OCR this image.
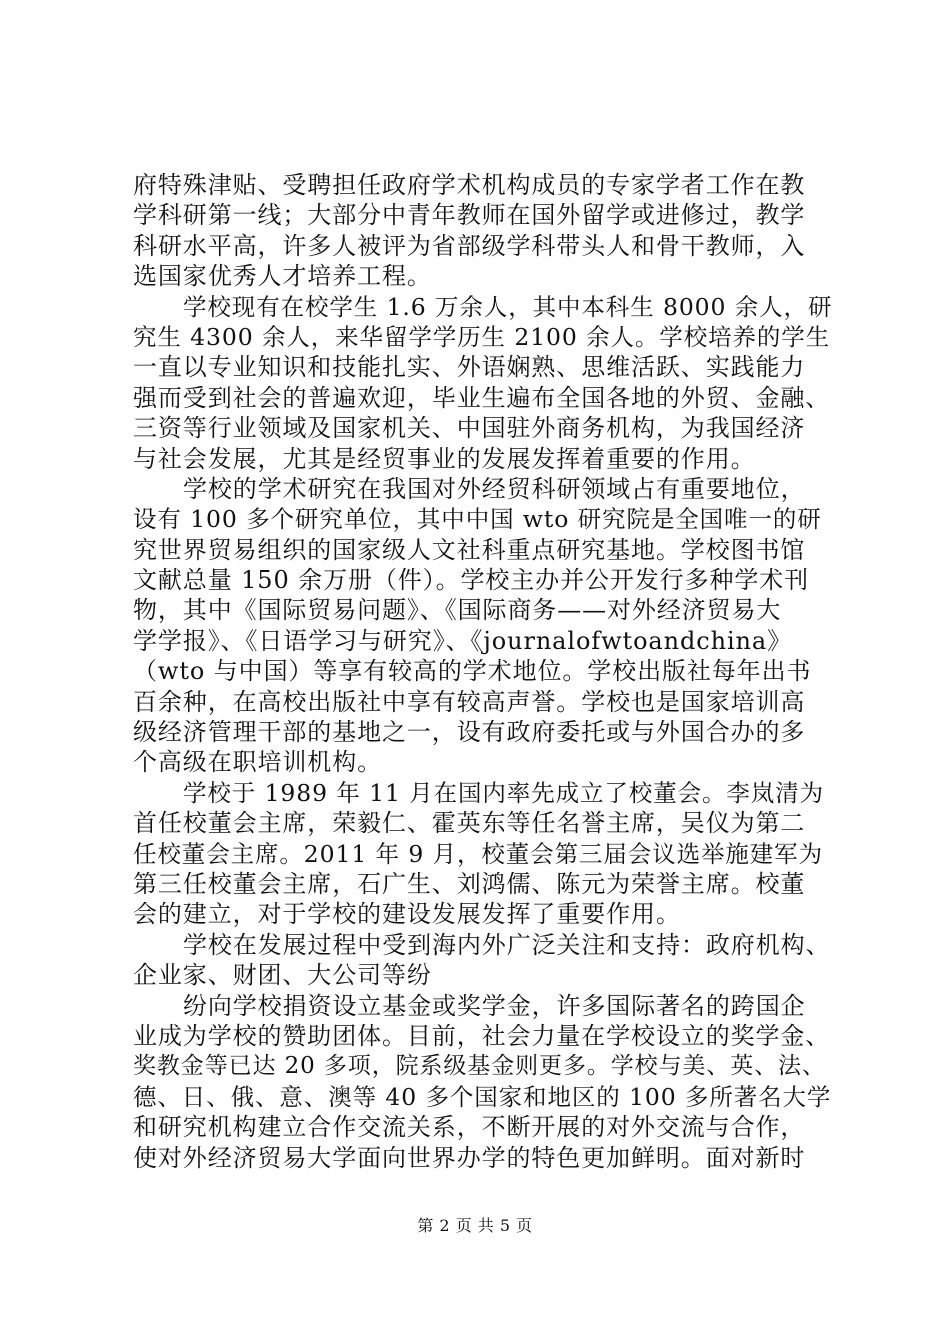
府特殊津贴、受聘担任政府学术机构成员的专家学者工作在教
学科研第一线；大部分中青年教师在国外留学或进修过，教学
科研水平高，许多人被评为省部级学科带头人和骨干教师，入
选国家优秀人才培养工程。
学校现有在校学生 1.6 万余人，其中本科生 8000 余人，研
究生 4300 余人，来华留学学历生 2100 余人。学校培养的学生
一直以专业知识和技能扎实、外语娴熟、思维活跃、实践能力
强而受到社会的普遍欢迎，毕业生遍布全国各地的外贸、金融、
三资等行业领域及国家机关、中国驻外商务机构，为我国经济
与社会发展，尤其是经贸事业的发展发挥着重要的作用。
学校的学术研究在我国对外经贸科研领域占有重要地位，
设有 100 多个研究单位，其中中国 wto 研究院是全国唯一的研
究世界贸易组织的国家级人文社科重点研究基地。学校图书馆
文献总量 150 余万册（件）。学校主办并公开发行多种学术刊
物，其中《国际贸易问题》、《国际商务——对外经济贸易大
学学报》、《日语学习与研究》、《journalofwtoandchina》
（wto 与中国）等享有较高的学术地位。学校出版社每年出书
百余种，在高校出版社中享有较高声誉。学校也是国家培训高
级经济管理干部的基地之一，设有政府委托或与外国合办的多
个高级在职培训机构。
学校于 1989 年 11 月在国内率先成立了校董会。李岚清为
首任校董会主席，荣毅仁、霍英东等任名誉主席，吴仪为第二
任校董会主席。2011 年 9 月，校董会第三届会议选举施建军为
第三任校董会主席，石广生、刘鸿儒、陈元为荣誉主席。校董
会的建立，对于学校的建设发展发挥了重要作用。
学校在发展过程中受到海内外广泛关注和支持：政府机构、
企业家、财团、大公司等纷
纷向学校捐资设立基金或奖学金，许多国际著名的跨国企
业成为学校的赞助团体。目前，社会力量在学校设立的奖学金、
奖教金等已达 20 多项，院系级基金则更多。学校与美、英、法、
德、日、俄、意、澳等 40 多个国家和地区的 100 多所著名大学
和研究机构建立合作交流关系，不断开展的对外交流与合作，
使对外经济贸易大学面向世界办学的特色更加鲜明。面对新时
第 2 页 共 5 页
